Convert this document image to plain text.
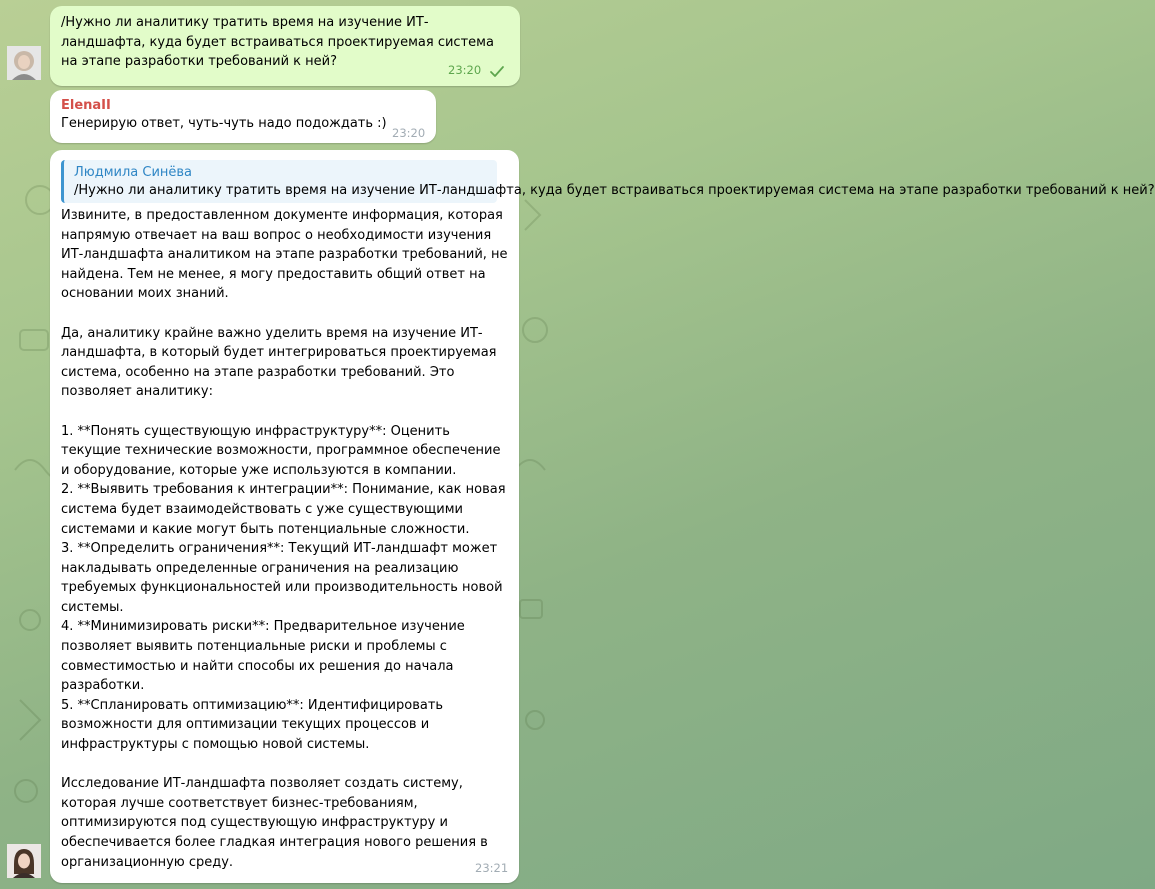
/Нужно ли аналитику тратить время на изучение ИТ-ландшафта, куда будет встраиваться проектируемая система на этапе разработки требований к ней?

23:20
ElenaII
Генерирую ответ, чуть-чуть надо подождать :)
23:20
Людмила Синёва
/Нужно ли аналитику тратить время на изучение ИТ-ландшафта, куда будет встраиваться проектируемая система на этапе разработки требований к ней?

Извините, в предоставленном документе информация, которая
напрямую отвечает на ваш вопрос о необходимости изучения
ИТ-ландшафта аналитиком на этапе разработки требований, не
найдена. Тем не менее, я могу предоставить общий ответ на
основании моих знаний.

Да, аналитику крайне важно уделить время на изучение ИТ-
ландшафта, в который будет интегрироваться проектируемая
система, особенно на этапе разработки требований. Это
позволяет аналитику:

1. **Понять существующую инфраструктуру**: Оценить
текущие технические возможности, программное обеспечение
и оборудование, которые уже используются в компании.
2. **Выявить требования к интеграции**: Понимание, как новая
система будет взаимодействовать с уже существующими
системами и какие могут быть потенциальные сложности.
3. **Определить ограничения**: Текущий ИТ-ландшафт может
накладывать определенные ограничения на реализацию
требуемых функциональностей или производительность новой
системы.
4. **Минимизировать риски**: Предварительное изучение
позволяет выявить потенциальные риски и проблемы с
совместимостью и найти способы их решения до начала
разработки.
5. **Спланировать оптимизацию**: Идентифицировать
возможности для оптимизации текущих процессов и
инфраструктуры с помощью новой системы.

Исследование ИТ-ландшафта позволяет создать систему,
которая лучше соответствует бизнес-требованиям,
оптимизируются под существующую инфраструктуру и
обеспечивается более гладкая интеграция нового решения в
организационную среду.	23:21
